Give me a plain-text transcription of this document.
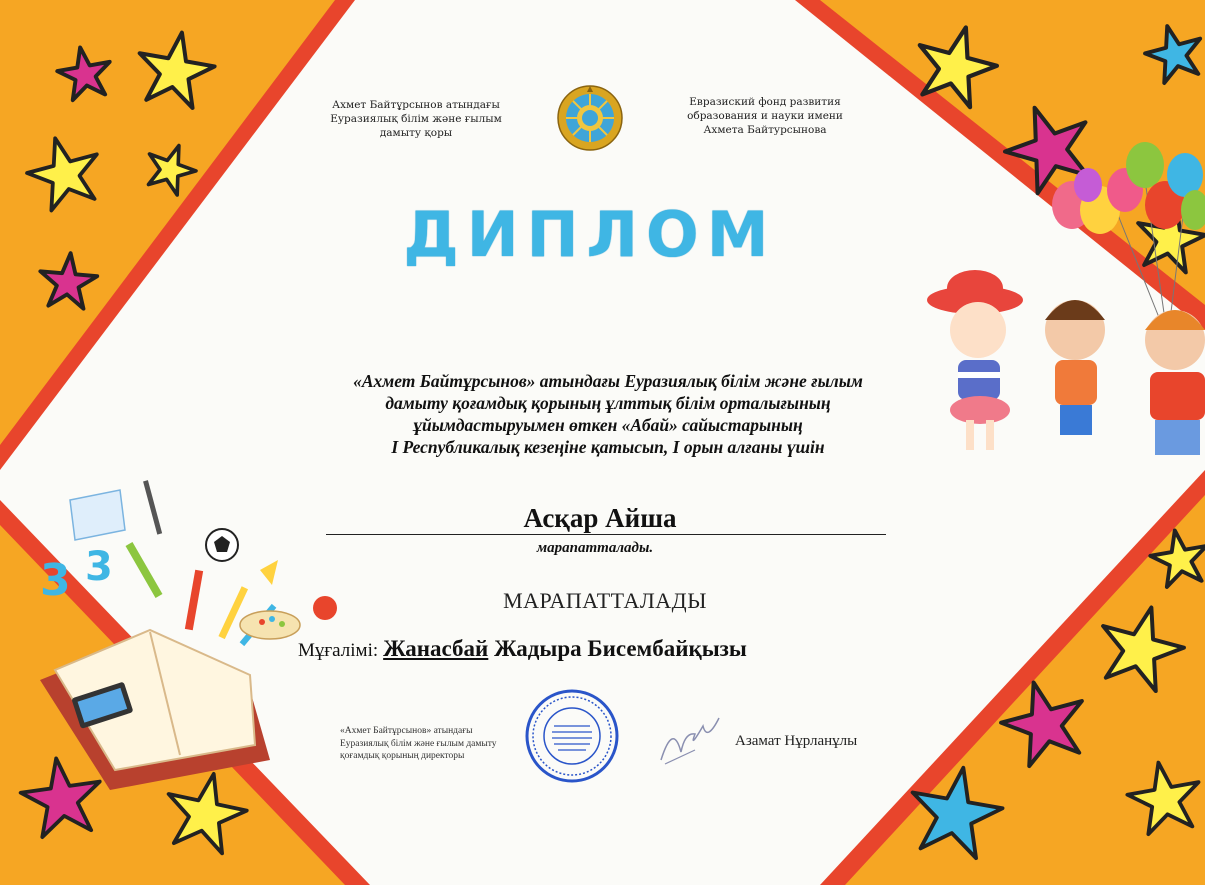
3 3
Ахмет Байтұрсынов атындағы
Еуразиялық білім және ғылым
дамыту қоры
Евразиский фонд развития
образования и науки имени
Ахмета Байтурсынова
ДИПЛОМ
«Ахмет Байтұрсынов» атындағы Еуразиялық білім және ғылым
дамыту қоғамдық қорының ұлттық білім орталығының
ұйымдастыруымен өткен «Абай» сайыстарының
І Республикалық кезеңіне қатысып, І орын алғаны үшін
Асқар Айша
марапатталады.
МАРАПАТТАЛАДЫ
Мұғалімі: Жанасбай Жадыра Бисембайқызы
«Ахмет Байтұрсынов» атындағы
Еуразиялық білім және ғылым дамыту
қоғамдық қорының директоры
Азамат Нұрланұлы
